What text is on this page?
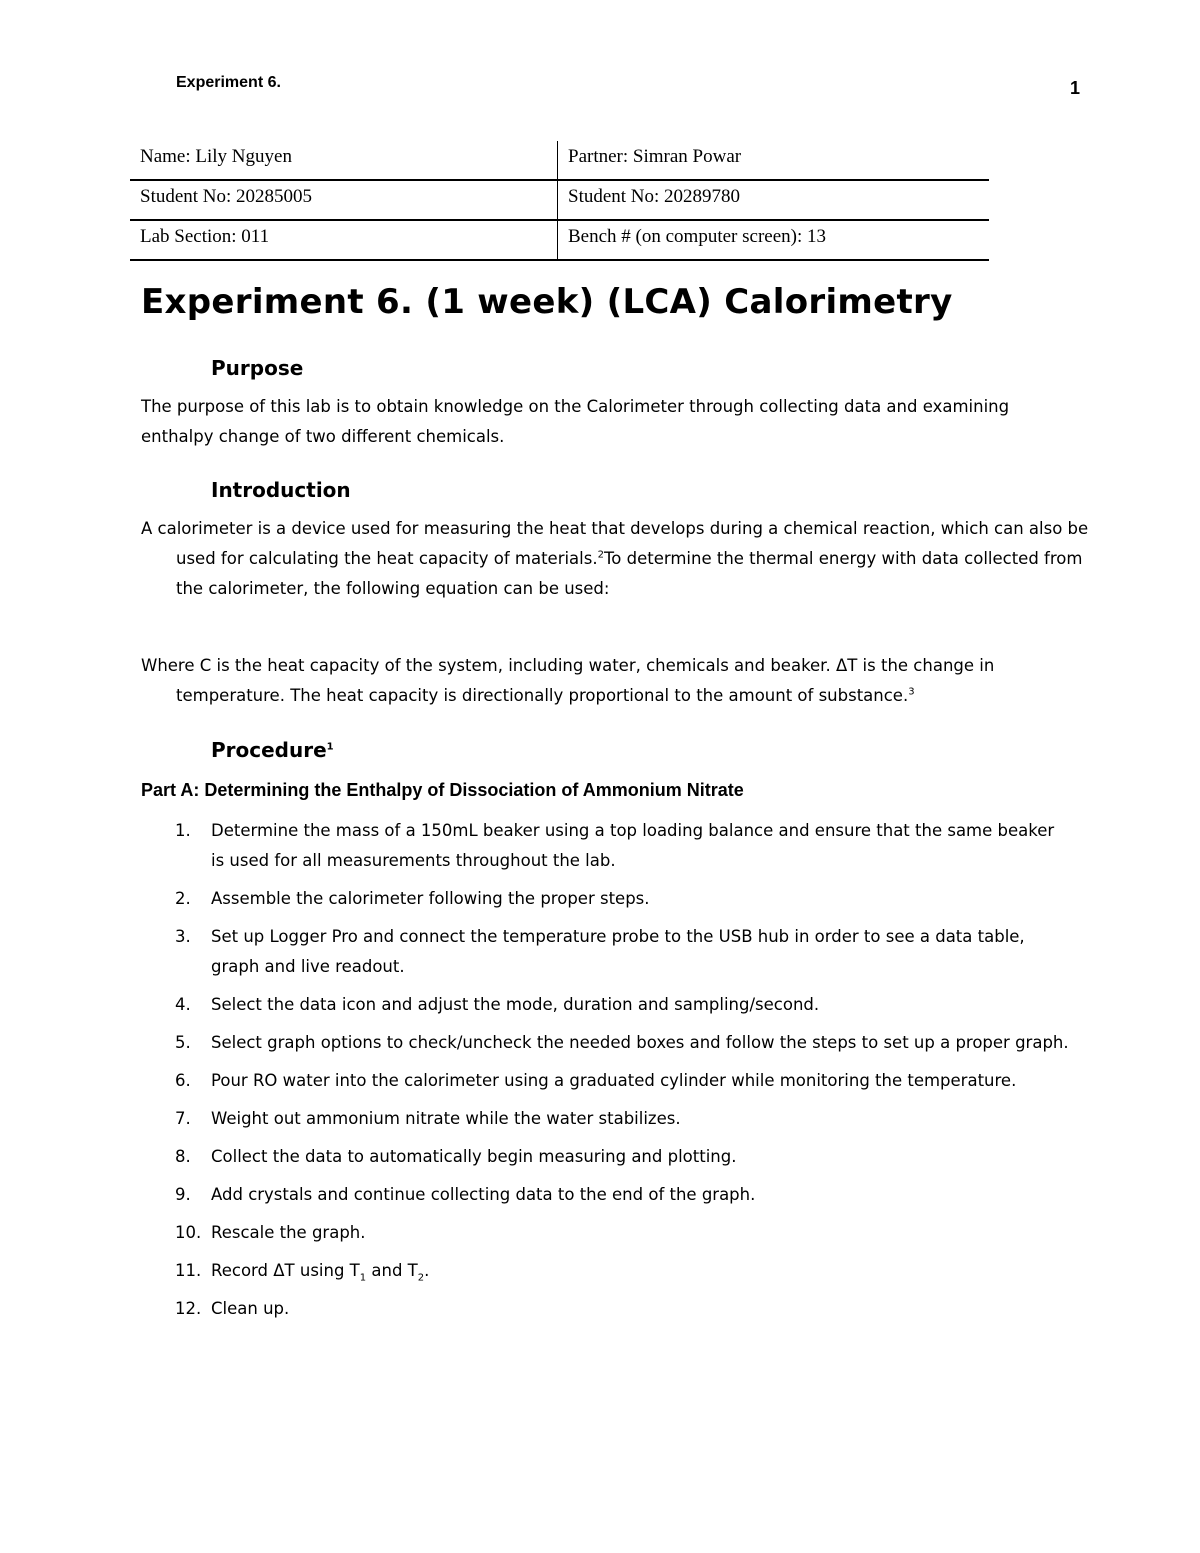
Experiment 6.	1
Name: Lily Nguyen	Partner: Simran Powar
Student No: 20285005	Student No: 20289780
Lab Section: 011	Bench # (on computer screen): 13
Experiment 6. (1 week) (LCA) Calorimetry
Purpose

The purpose of this lab is to obtain knowledge on the Calorimeter through collecting data and examining enthalpy change of two different chemicals.

Introduction

A calorimeter is a device used for measuring the heat that develops during a chemical reaction, which can also be used for calculating the heat capacity of materials.$^2$To determine the thermal energy with data collected from the calorimeter, the following equation can be used:

Where C is the heat capacity of the system, including water, chemicals and beaker. ΔT is the change in temperature. The heat capacity is directionally proportional to the amount of substance.$^3$

Procedure$^1$
Part A: Determining the Enthalpy of Dissociation of Ammonium Nitrate
1.	Determine the mass of a 150mL beaker using a top loading balance and ensure that the same beaker is used for all measurements throughout the lab.
2.	Assemble the calorimeter following the proper steps.
3.	Set up Logger Pro and connect the temperature probe to the USB hub in order to see a data table, graph and live readout.
4.	Select the data icon and adjust the mode, duration and sampling/second.
5.	Select graph options to check/uncheck the needed boxes and follow the steps to set up a proper graph.
6.	Pour RO water into the calorimeter using a graduated cylinder while monitoring the temperature.
7.	Weight out ammonium nitrate while the water stabilizes.
8.	Collect the data to automatically begin measuring and plotting.
9.	Add crystals and continue collecting data to the end of the graph.
10. Rescale the graph.
11. Record ΔT using $T_1$ and $T_2$.
12. Clean up.
